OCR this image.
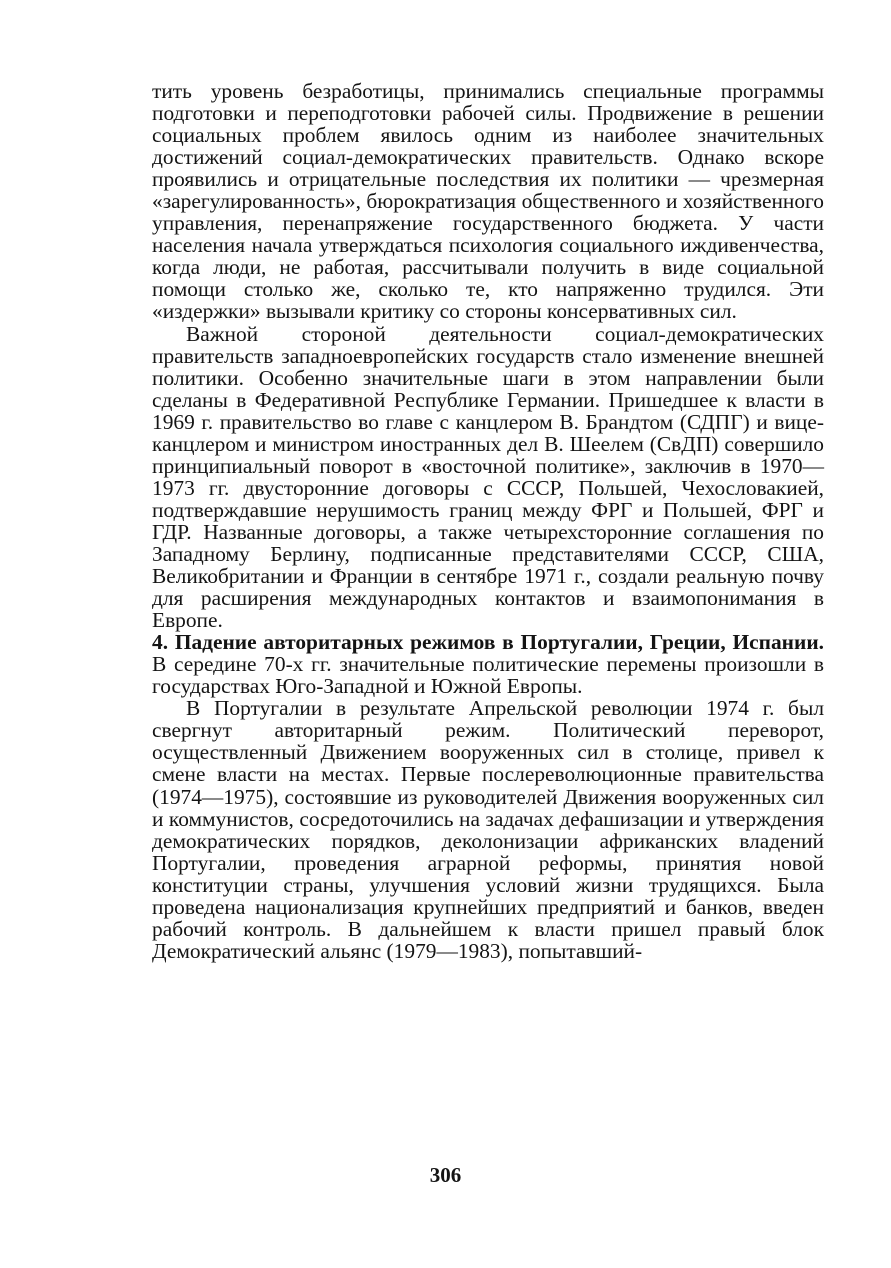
тить уровень безработицы, принимались специальные программы подготовки и переподготовки рабочей силы. Продвижение в решении социальных проблем явилось одним из наиболее значительных достижений социал-демократических правительств. Однако вскоре проявились и отрицательные последствия их политики — чрезмерная «зарегулированность», бюрократизация общественного и хозяйственного управления, перенапряжение государственного бюджета. У части населения начала утверждаться психология социального иждивенчества, когда люди, не работая, рассчитывали получить в виде социальной помощи столько же, сколько те, кто напряженно трудился. Эти «издержки» вызывали критику со стороны консервативных сил.

Важной стороной деятельности социал-демократических правительств западноевропейских государств стало изменение внешней политики. Особенно значительные шаги в этом направлении были сделаны в Федеративной Республике Германии. Пришедшее к власти в 1969 г. правительство во главе с канцлером В. Брандтом (СДПГ) и вице-канцлером и министром иностранных дел В. Шеелем (СвДП) совершило принципиальный поворот в «восточной политике», заключив в 1970—1973 гг. двусторонние договоры с СССР, Польшей, Чехословакией, подтверждавшие нерушимость границ между ФРГ и Польшей, ФРГ и ГДР. Названные договоры, а также четырехсторонние соглашения по Западному Берлину, подписанные представителями СССР, США, Великобритании и Франции в сентябре 1971 г., создали реальную почву для расширения международных контактов и взаимопонимания в Европе.

4. Падение авторитарных режимов в Португалии, Греции, Испании. В середине 70-х гг. значительные политические перемены произошли в государствах Юго-Западной и Южной Европы.

В Португалии в результате Апрельской революции 1974 г. был свергнут авторитарный режим. Политический переворот, осуществленный Движением вооруженных сил в столице, привел к смене власти на местах. Первые послереволюционные правительства (1974—1975), состоявшие из руководителей Движения вооруженных сил и коммунистов, сосредоточились на задачах дефашизации и утверждения демократических порядков, деколонизации африканских владений Португалии, проведения аграрной реформы, принятия новой конституции страны, улучшения условий жизни трудящихся. Была проведена национализация крупнейших предприятий и банков, введен рабочий контроль. В дальнейшем к власти пришел правый блок Демократический альянс (1979—1983), попытавший-

306
